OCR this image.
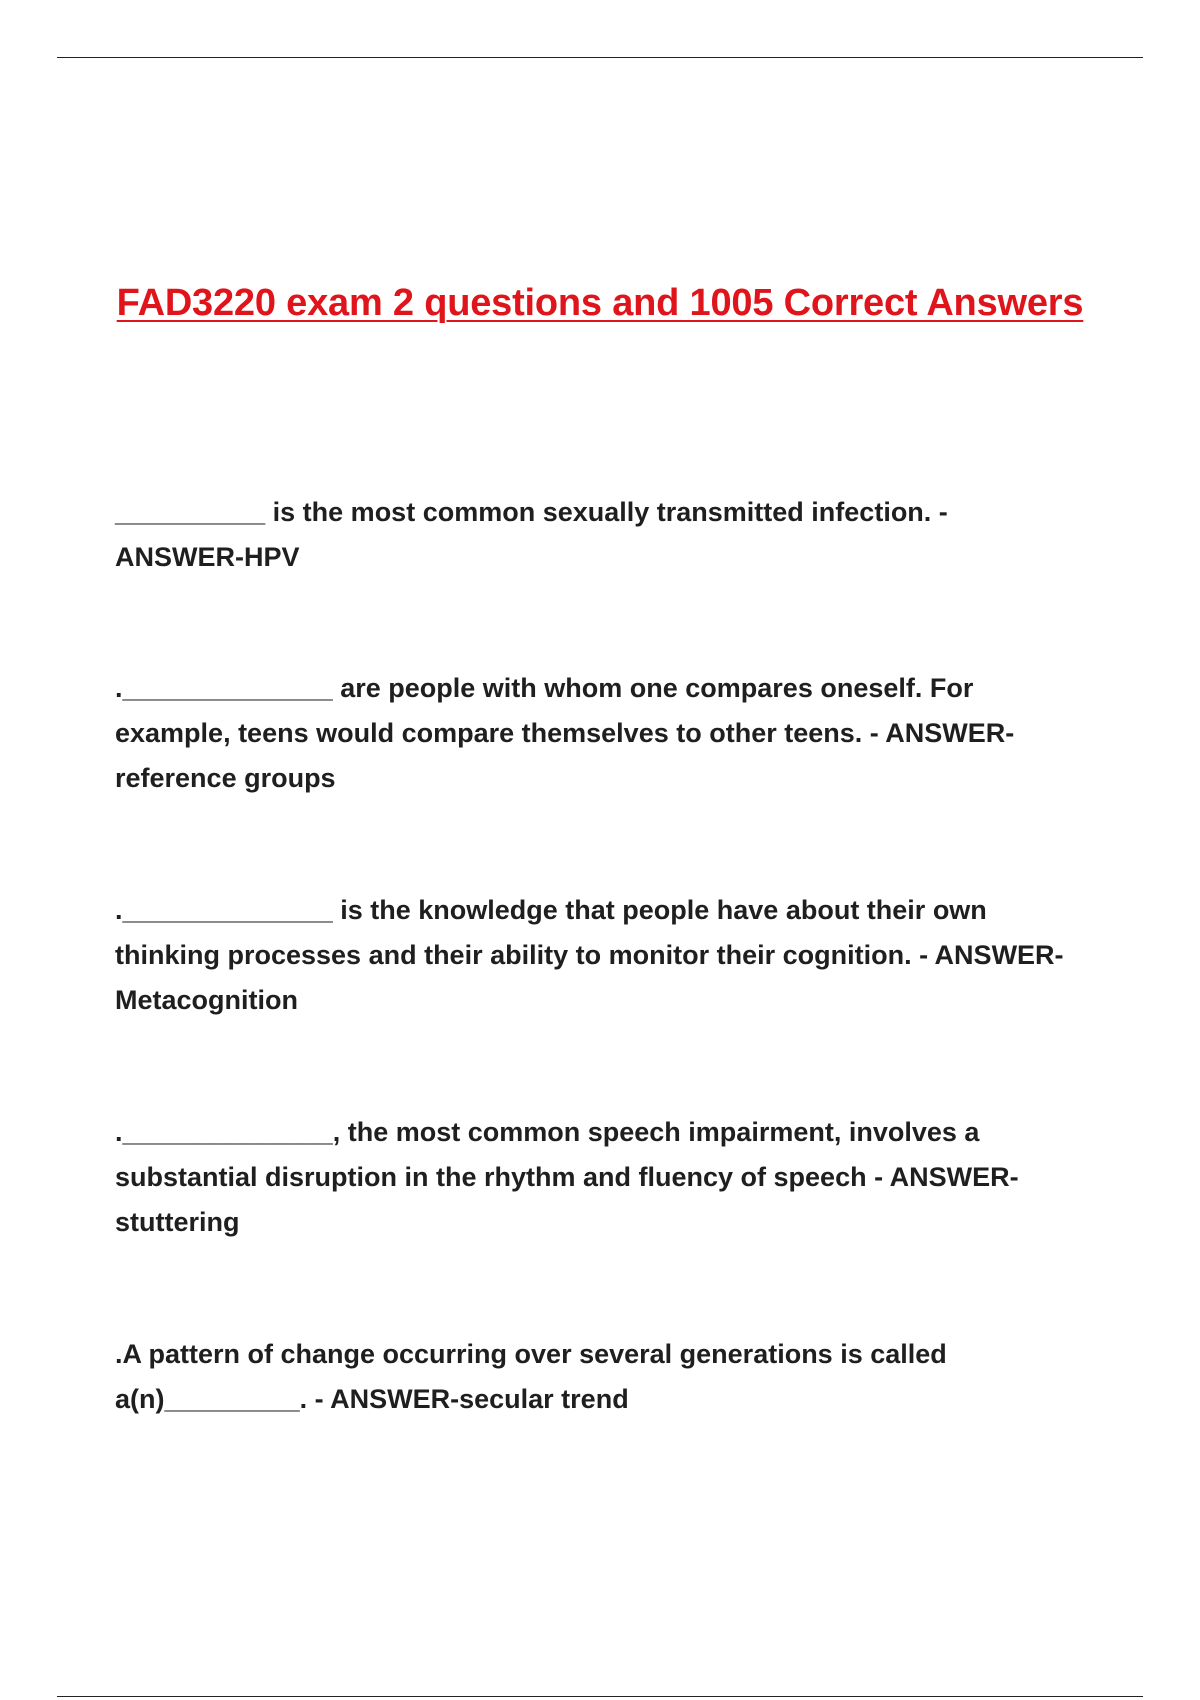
FAD3220 exam 2 questions and 1005 Correct Answers

__________ is the most common sexually transmitted infection. -

ANSWER-HPV

.______________ are people with whom one compares oneself. For

example, teens would compare themselves to other teens. - ANSWER-

reference groups

.______________ is the knowledge that people have about their own

thinking processes and their ability to monitor their cognition. - ANSWER-

Metacognition

.______________, the most common speech impairment, involves a

substantial disruption in the rhythm and fluency of speech - ANSWER-

stuttering

.A pattern of change occurring over several generations is called

a(n)_________. - ANSWER-secular trend
